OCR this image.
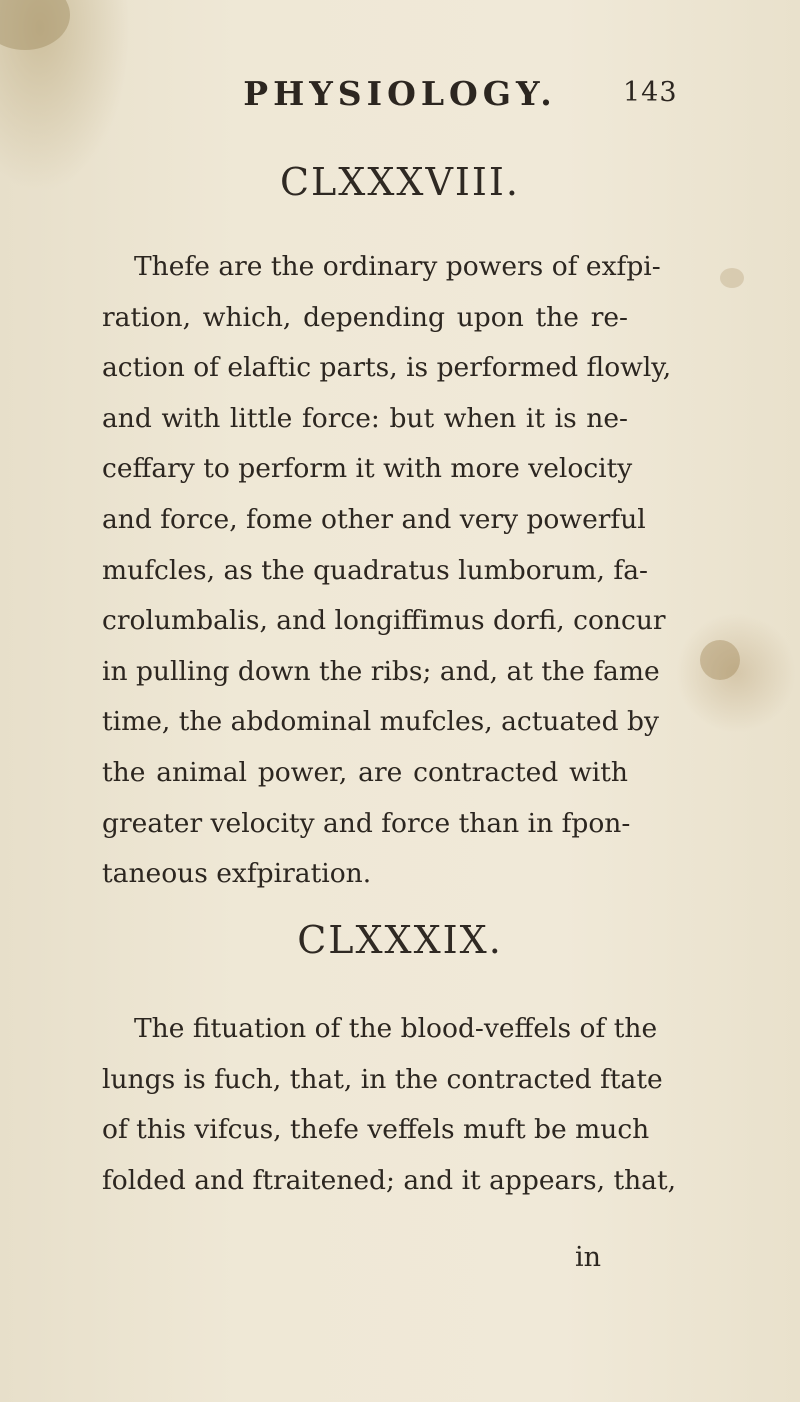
PHYSIOLOGY. 143
CLXXXVIII.
Thefe are the ordinary powers of exfpi-
ration, which, depending upon the re-
action of elaftic parts, is performed flowly,
and with little force: but when it is ne-
ceffary to perform it with more velocity
and force, fome other and very powerful
mufcles, as the quadratus lumborum, fa-
crolumbalis, and longiffimus dorfi, concur
in pulling down the ribs; and, at the fame
time, the abdominal mufcles, actuated by
the animal power, are contracted with
greater velocity and force than in fpon-
taneous exfpiration.
CLXXXIX.
The fituation of the blood-veffels of the
lungs is fuch, that, in the contracted ftate
of this vifcus, thefe veffels muft be much
folded and ftraitened; and it appears, that,
in
